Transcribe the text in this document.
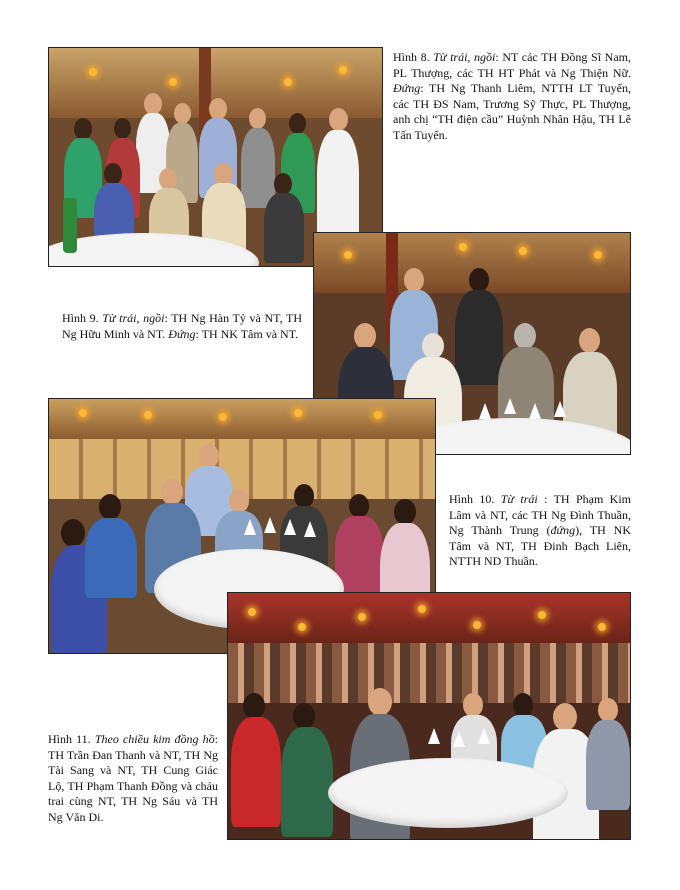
Hình 8. Từ trái, ngồi: NT các TH Đồng Sĩ Nam, PL Thượng, các TH HT Phát và Ng Thiện Nữ. Đứng: TH Ng Thanh Liêm, NTTH LT Tuyến, các TH ĐS Nam, Trương Sỹ Thực, PL Thượng, anh chị “TH điện cầu” Huỳnh Nhân Hậu, TH Lê Tấn Tuyển.
Hình 9. Từ trái, ngồi: TH Ng Hàn Tỷ và NT, TH Ng Hữu Minh và NT. Đứng: TH NK Tâm và NT.
Hình 10. Từ trái : TH Phạm Kim Lâm và NT, các TH Ng Đình Thuần, Ng Thành Trung (đứng), TH NK Tâm và NT, TH Đinh Bạch Liên, NTTH ND Thuần.
Hình 11. Theo chiều kim đồng hồ: TH Trần Đan Thanh và NT, TH Ng Tài Sang và NT, TH Cung Giác Lộ, TH Phạm Thanh Đồng và cháu trai cùng NT, TH Ng Sáu và TH Ng Văn Di.
